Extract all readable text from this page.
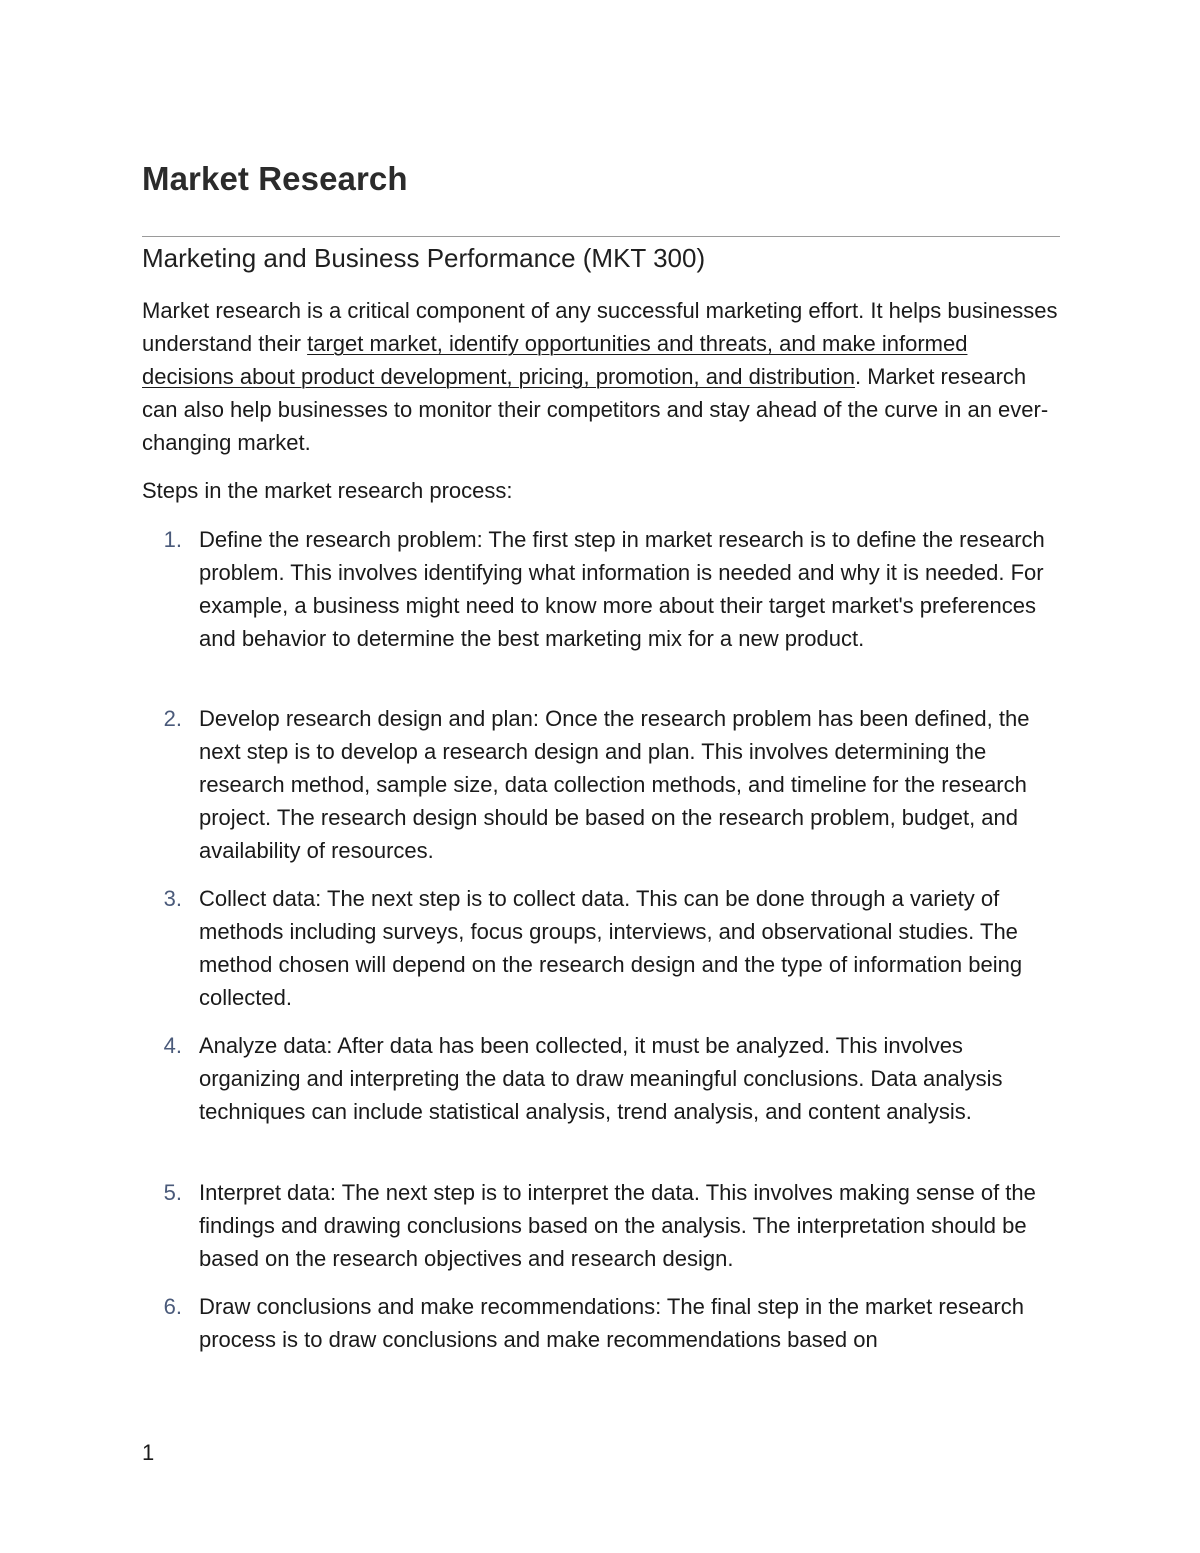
Market Research
Marketing and Business Performance (MKT 300)

Market research is a critical component of any successful marketing effort. It helps businesses understand their target market, identify opportunities and threats, and make informed decisions about product development, pricing, promotion, and distribution. Market research can also help businesses to monitor their competitors and stay ahead of the curve in an ever-changing market.

Steps in the market research process:

1. Define the research problem: The first step in market research is to define the research problem. This involves identifying what information is needed and why it is needed. For example, a business might need to know more about their target market's preferences and behavior to determine the best marketing mix for a new product.

2. Develop research design and plan: Once the research problem has been defined, the next step is to develop a research design and plan. This involves determining the research method, sample size, data collection methods, and timeline for the research project. The research design should be based on the research problem, budget, and availability of resources.

3. Collect data: The next step is to collect data. This can be done through a variety of methods including surveys, focus groups, interviews, and observational studies. The method chosen will depend on the research design and the type of information being collected.

4. Analyze data: After data has been collected, it must be analyzed. This involves organizing and interpreting the data to draw meaningful conclusions. Data analysis techniques can include statistical analysis, trend analysis, and content analysis.

5. Interpret data: The next step is to interpret the data. This involves making sense of the findings and drawing conclusions based on the analysis. The interpretation should be based on the research objectives and research design.

6. Draw conclusions and make recommendations: The final step in the market research process is to draw conclusions and make recommendations based on

1
